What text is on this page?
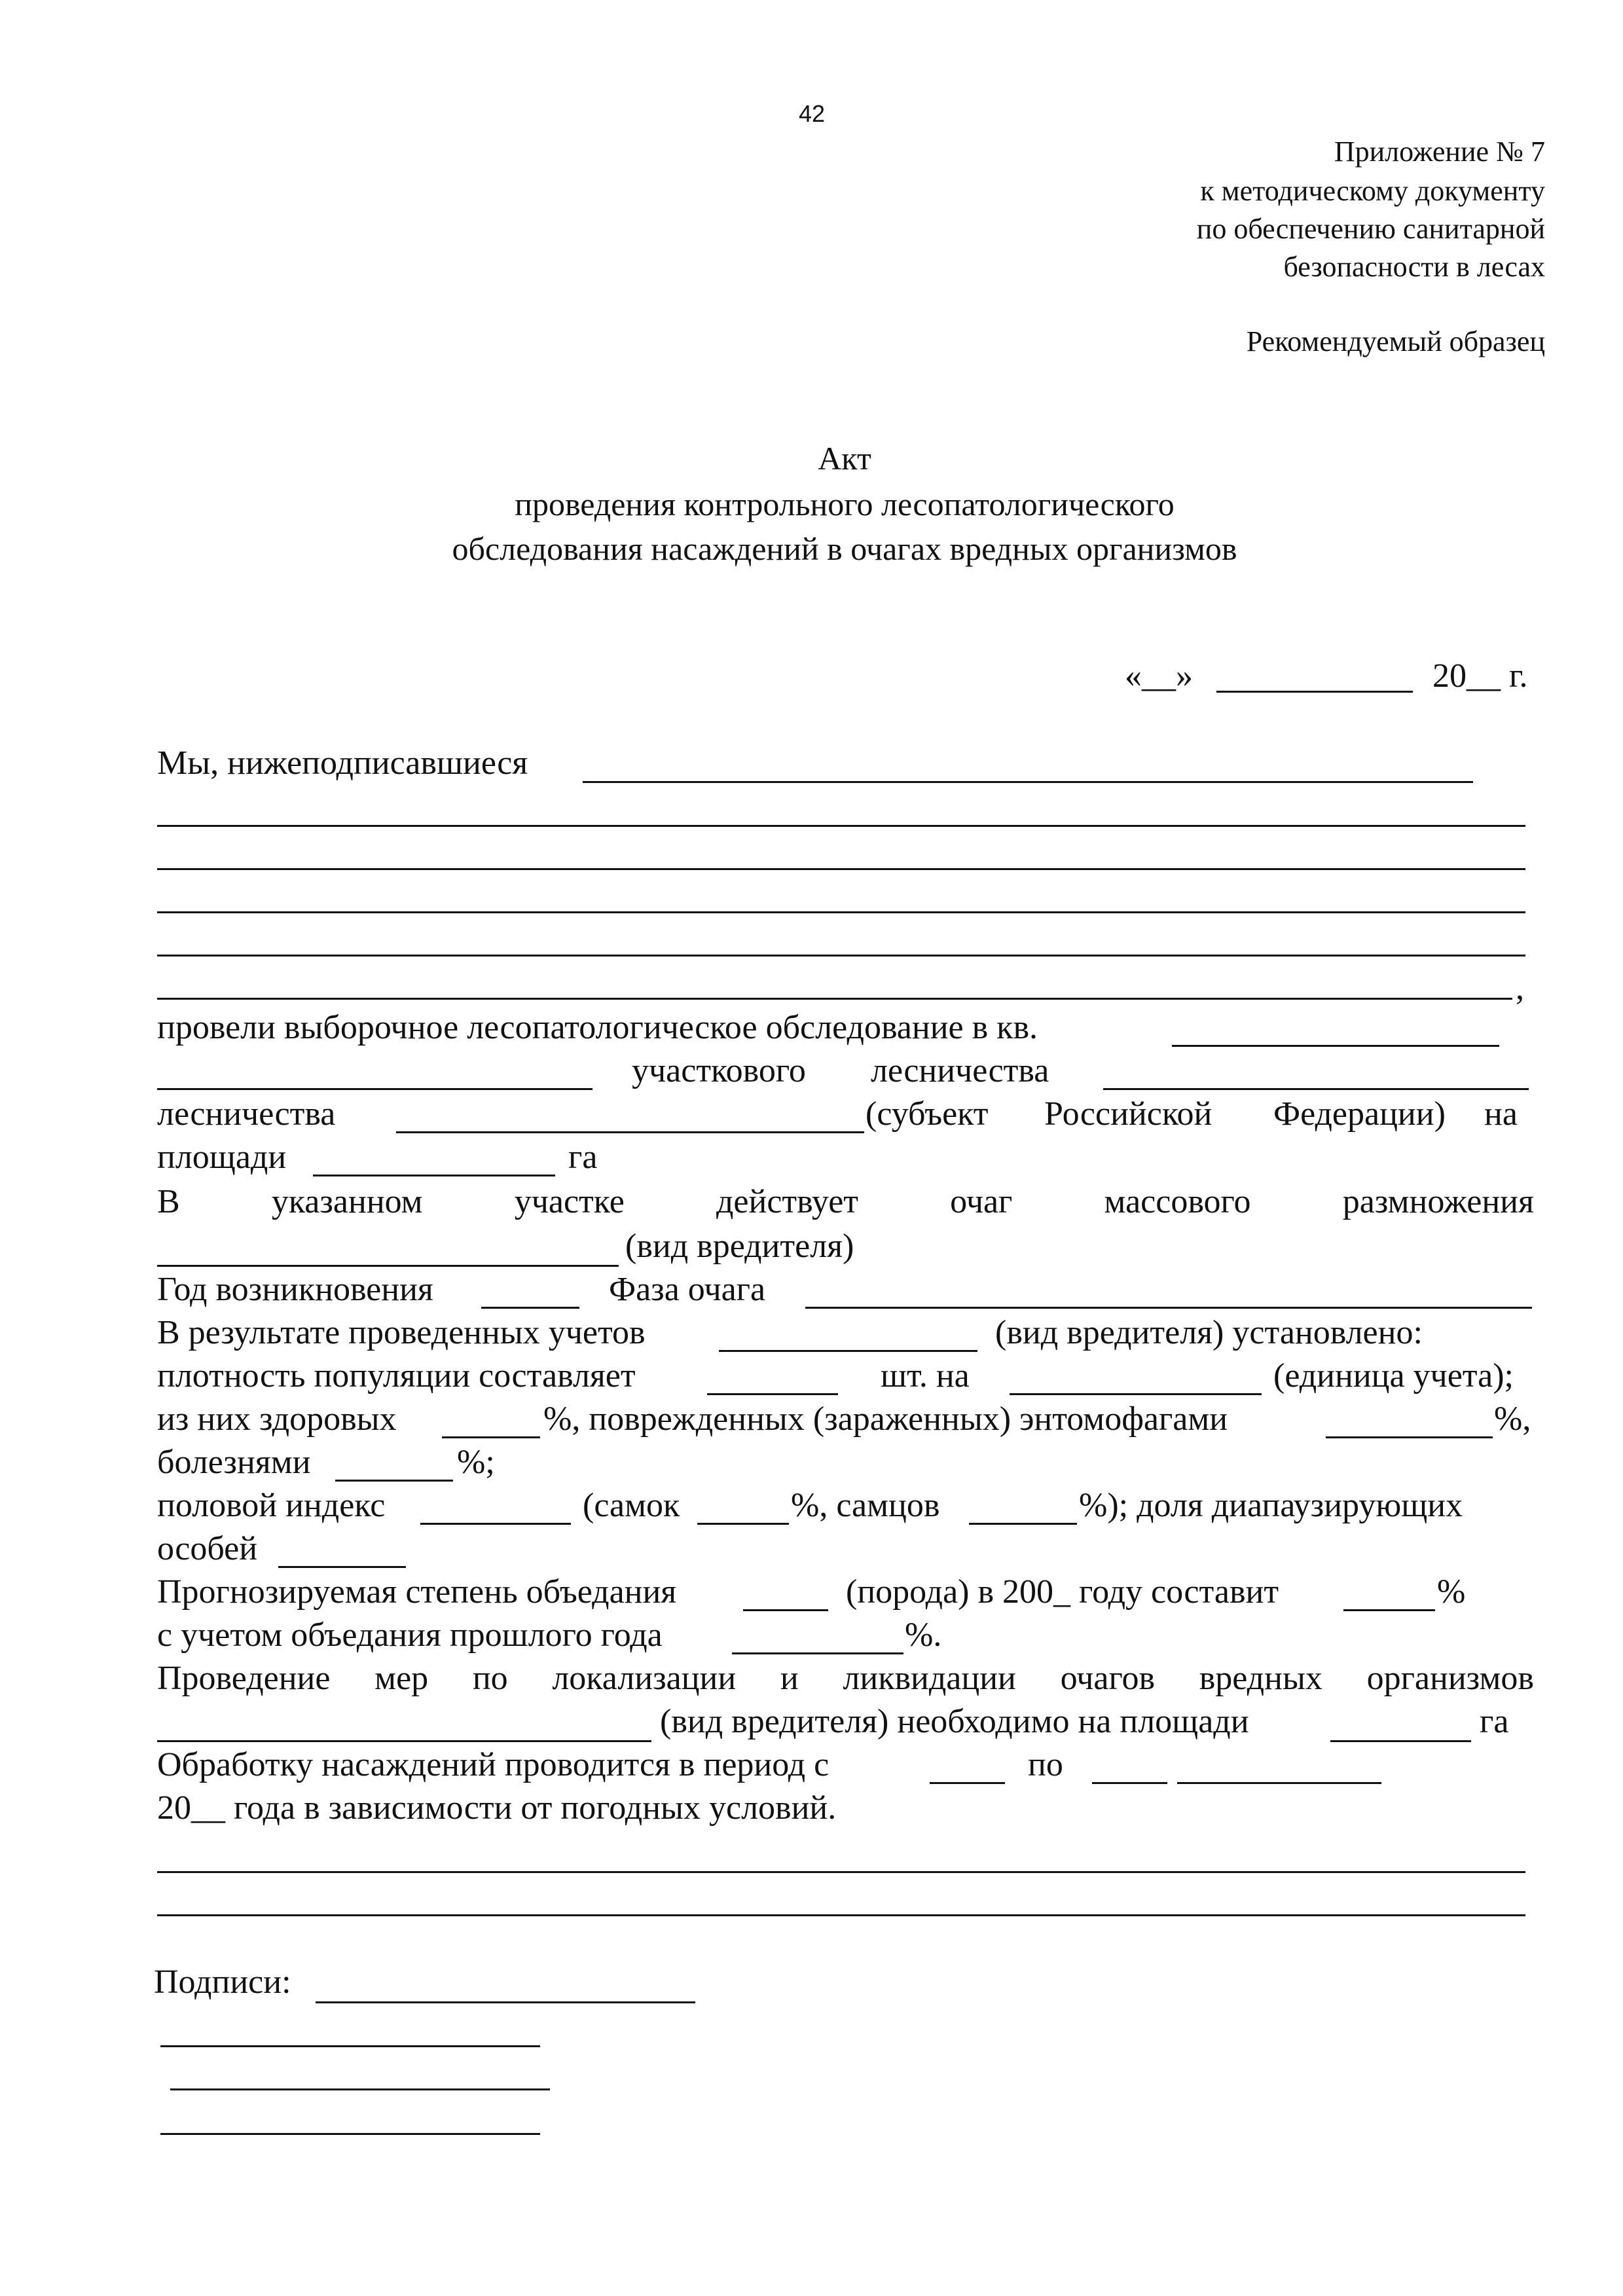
42
Приложение № 7
к методическому документу
по обеспечению санитарной
безопасности в лесах
Рекомендуемый образец
Акт
проведения контрольного лесопатологического
обследования насаждений в очагах вредных организмов
«__»	20__ г.
Мы, нижеподписавшиеся
,
провели выборочное лесопатологическое обследование в кв.
участкового лесничества
лесничества	(субъект Российской Федерации) на
площади	га
В	указанном	участке	действует	очаг	массового	размножения
(вид вредителя)
Год возникновения	Фаза очага
В результате проведенных учетов	(вид вредителя) установлено:
плотность популяции составляет	шт. на	(единица учета);
из них здоровых	%, поврежденных (зараженных) энтомофагами	%,
болезнями	%;
половой индекс	(самок	%, самцов	%); доля диапаузирующих
особей
Прогнозируемая степень объедания	(порода) в 200_ году составит	%
с учетом объедания прошлого года	%.
Проведение мер по локализации и ликвидации очагов вредных организмов
(вид вредителя) необходимо на площади	га
Обработку насаждений проводится в период с	по
20__ года в зависимости от погодных условий.
Подписи:
